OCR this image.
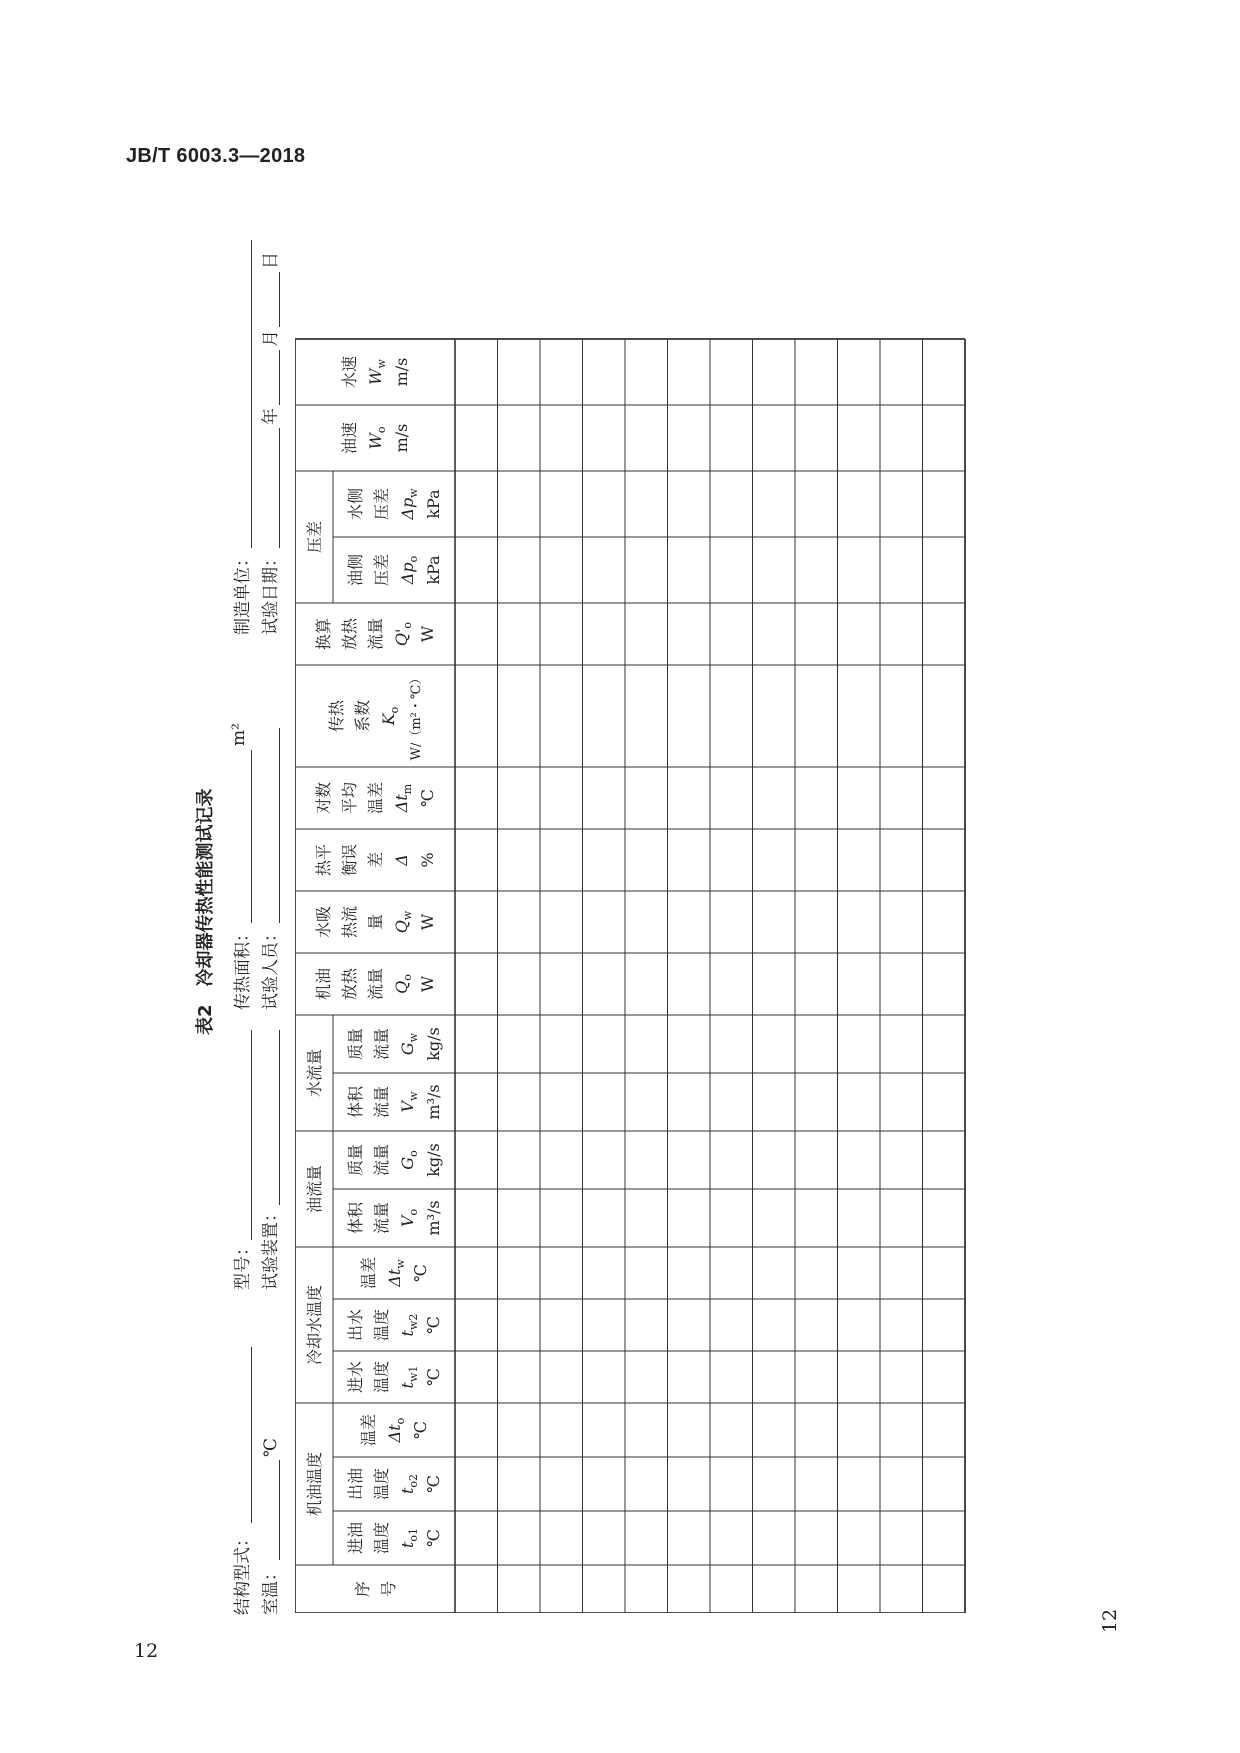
JB/T 6003.3—2018
12
12
表2　冷却器传热性能测试记录
结构型式： 室温：
℃
型号： 试验装置：
传热面积：
m²
试验人员：
制造单位： 试验日期：
年
月
日
机油温度
冷却水温度
油流量
水流量
压差
序 号
进油 温度 $t_{o1}$ ℃
出油 温度 $t_{o2}$ ℃
温差 $\Delta t_o$
℃
进水 温度 $t_{w1}$ ℃
出水 温度 $t_{w2}$ ℃
温差 $\Delta t_w$
℃
体积 流量 $V_o$ m³/s
质量 流量 $G_o$ kg/s
体积 流量 $V_w$ m³/s
质量 流量 $G_w$ kg/s
机油 放热 流量 $Q_o$ W
水吸 热流 量 $Q_w$ W
热平 衡误 差 Δ %
对数 平均 温差 $\Delta t_m$
℃
传热 系数 $K_o$ W/（m²・℃）
换算 放热 流量 $Q'_o$
W
油侧 压差 $\Delta p_o$ kPa
水侧 压差 $\Delta p_w$ kPa
油速 $W_o$ m/s
水速 $W_w$ m/s
